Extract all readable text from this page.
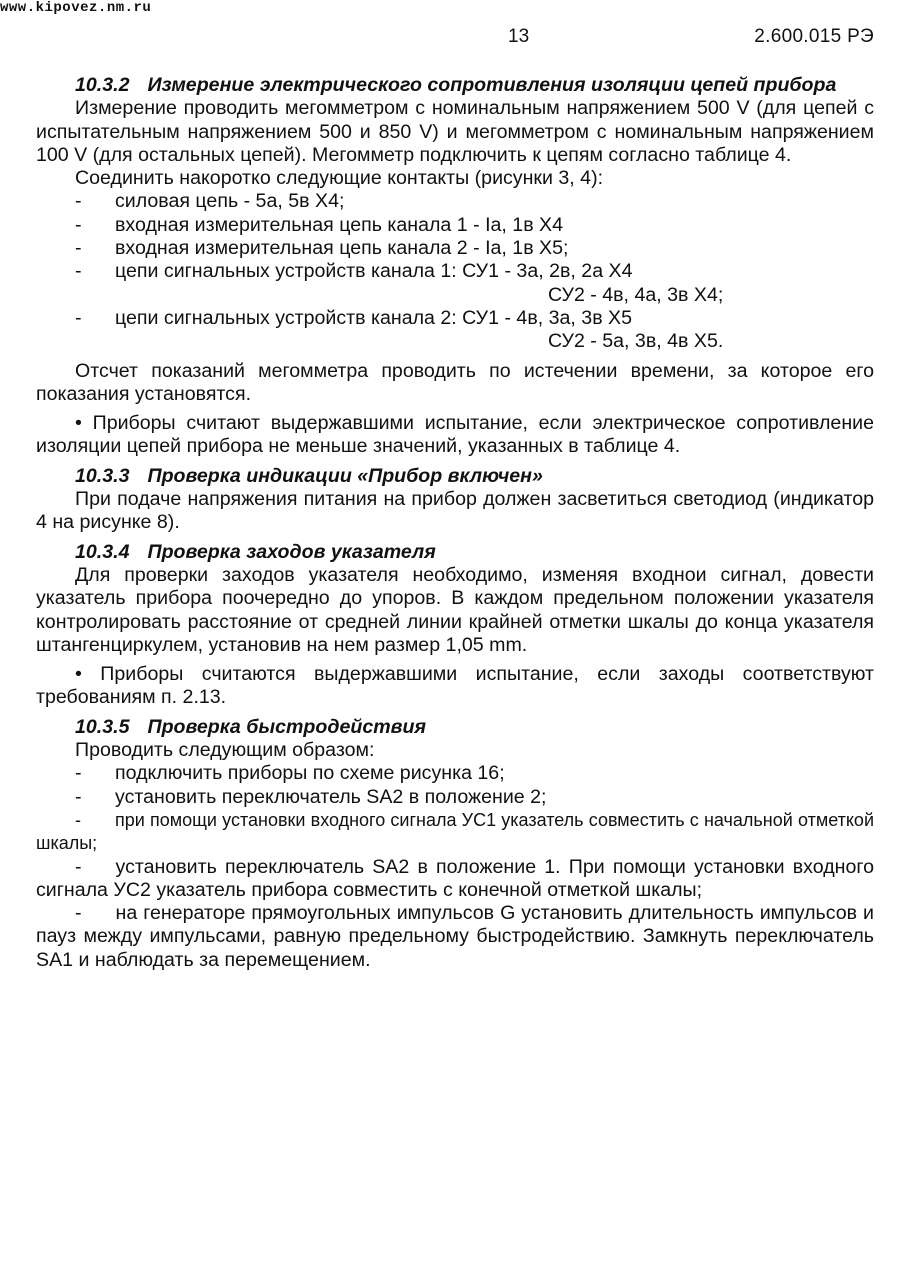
www.kipovez.nm.ru
13	2.600.015 РЭ
10.3.2 Измерение электрического сопротивления изоляции цепей прибора

Измерение проводить мегомметром с номинальным напряжением 500 V (для цепей с испытательным напряжением 500 и 850 V) и мегомметром с номинальным напряжением 100 V (для остальных цепей). Мегомметр подключить к цепям согласно таблице 4.

Соединить накоротко следующие контакты (рисунки 3, 4):

- силовая цепь - 5а, 5в X4;
- входная измерительная цепь канала 1 - Iа, 1в X4
- входная измерительная цепь канала 2 - Iа, 1в X5;
- цепи сигнальных устройств канала 1: СУ1 - 3а, 2в, 2а X4
СУ2 - 4в, 4а, 3в X4;
- цепи сигнальных устройств канала 2: СУ1 - 4в, 3а, 3в X5
СУ2 - 5а, 3в, 4в X5.

Отсчет показаний мегомметра проводить по истечении времени, за которое его показания установятся.

• Приборы считают выдержавшими испытание, если электрическое сопротивление изоляции цепей прибора не меньше значений, указанных в таблице 4.

10.3.3 Проверка индикации «Прибор включен»

При подаче напряжения питания на прибор должен засветиться светодиод (индикатор 4 на рисунке 8).

10.3.4 Проверка заходов указателя

Для проверки заходов указателя необходимо, изменяя входнои сигнал, довести указатель прибора поочередно до упоров. В каждом предельном положении указателя контролировать расстояние от средней линии крайней отметки шкалы до конца указателя штангенциркулем, установив на нем размер 1,05 mm.

• Приборы считаются выдержавшими испытание, если заходы соответствуют требованиям п. 2.13.

10.3.5 Проверка быстродействия

Проводить следующим образом:

- подключить приборы по схеме рисунка 16;
- установить переключатель SA2 в положение 2;

- при помощи установки входного сигнала УС1 указатель совместить с начальной отметкой шкалы;

- установить переключатель SA2 в положение 1. При помощи установки входного сигнала УС2 указатель прибора совместить с конечной отметкой шкалы;

- на генераторе прямоугольных импульсов G установить длительность импульсов и пауз между импульсами, равную предельному быстродействию. Замкнуть переключатель SA1 и наблюдать за перемещением.
